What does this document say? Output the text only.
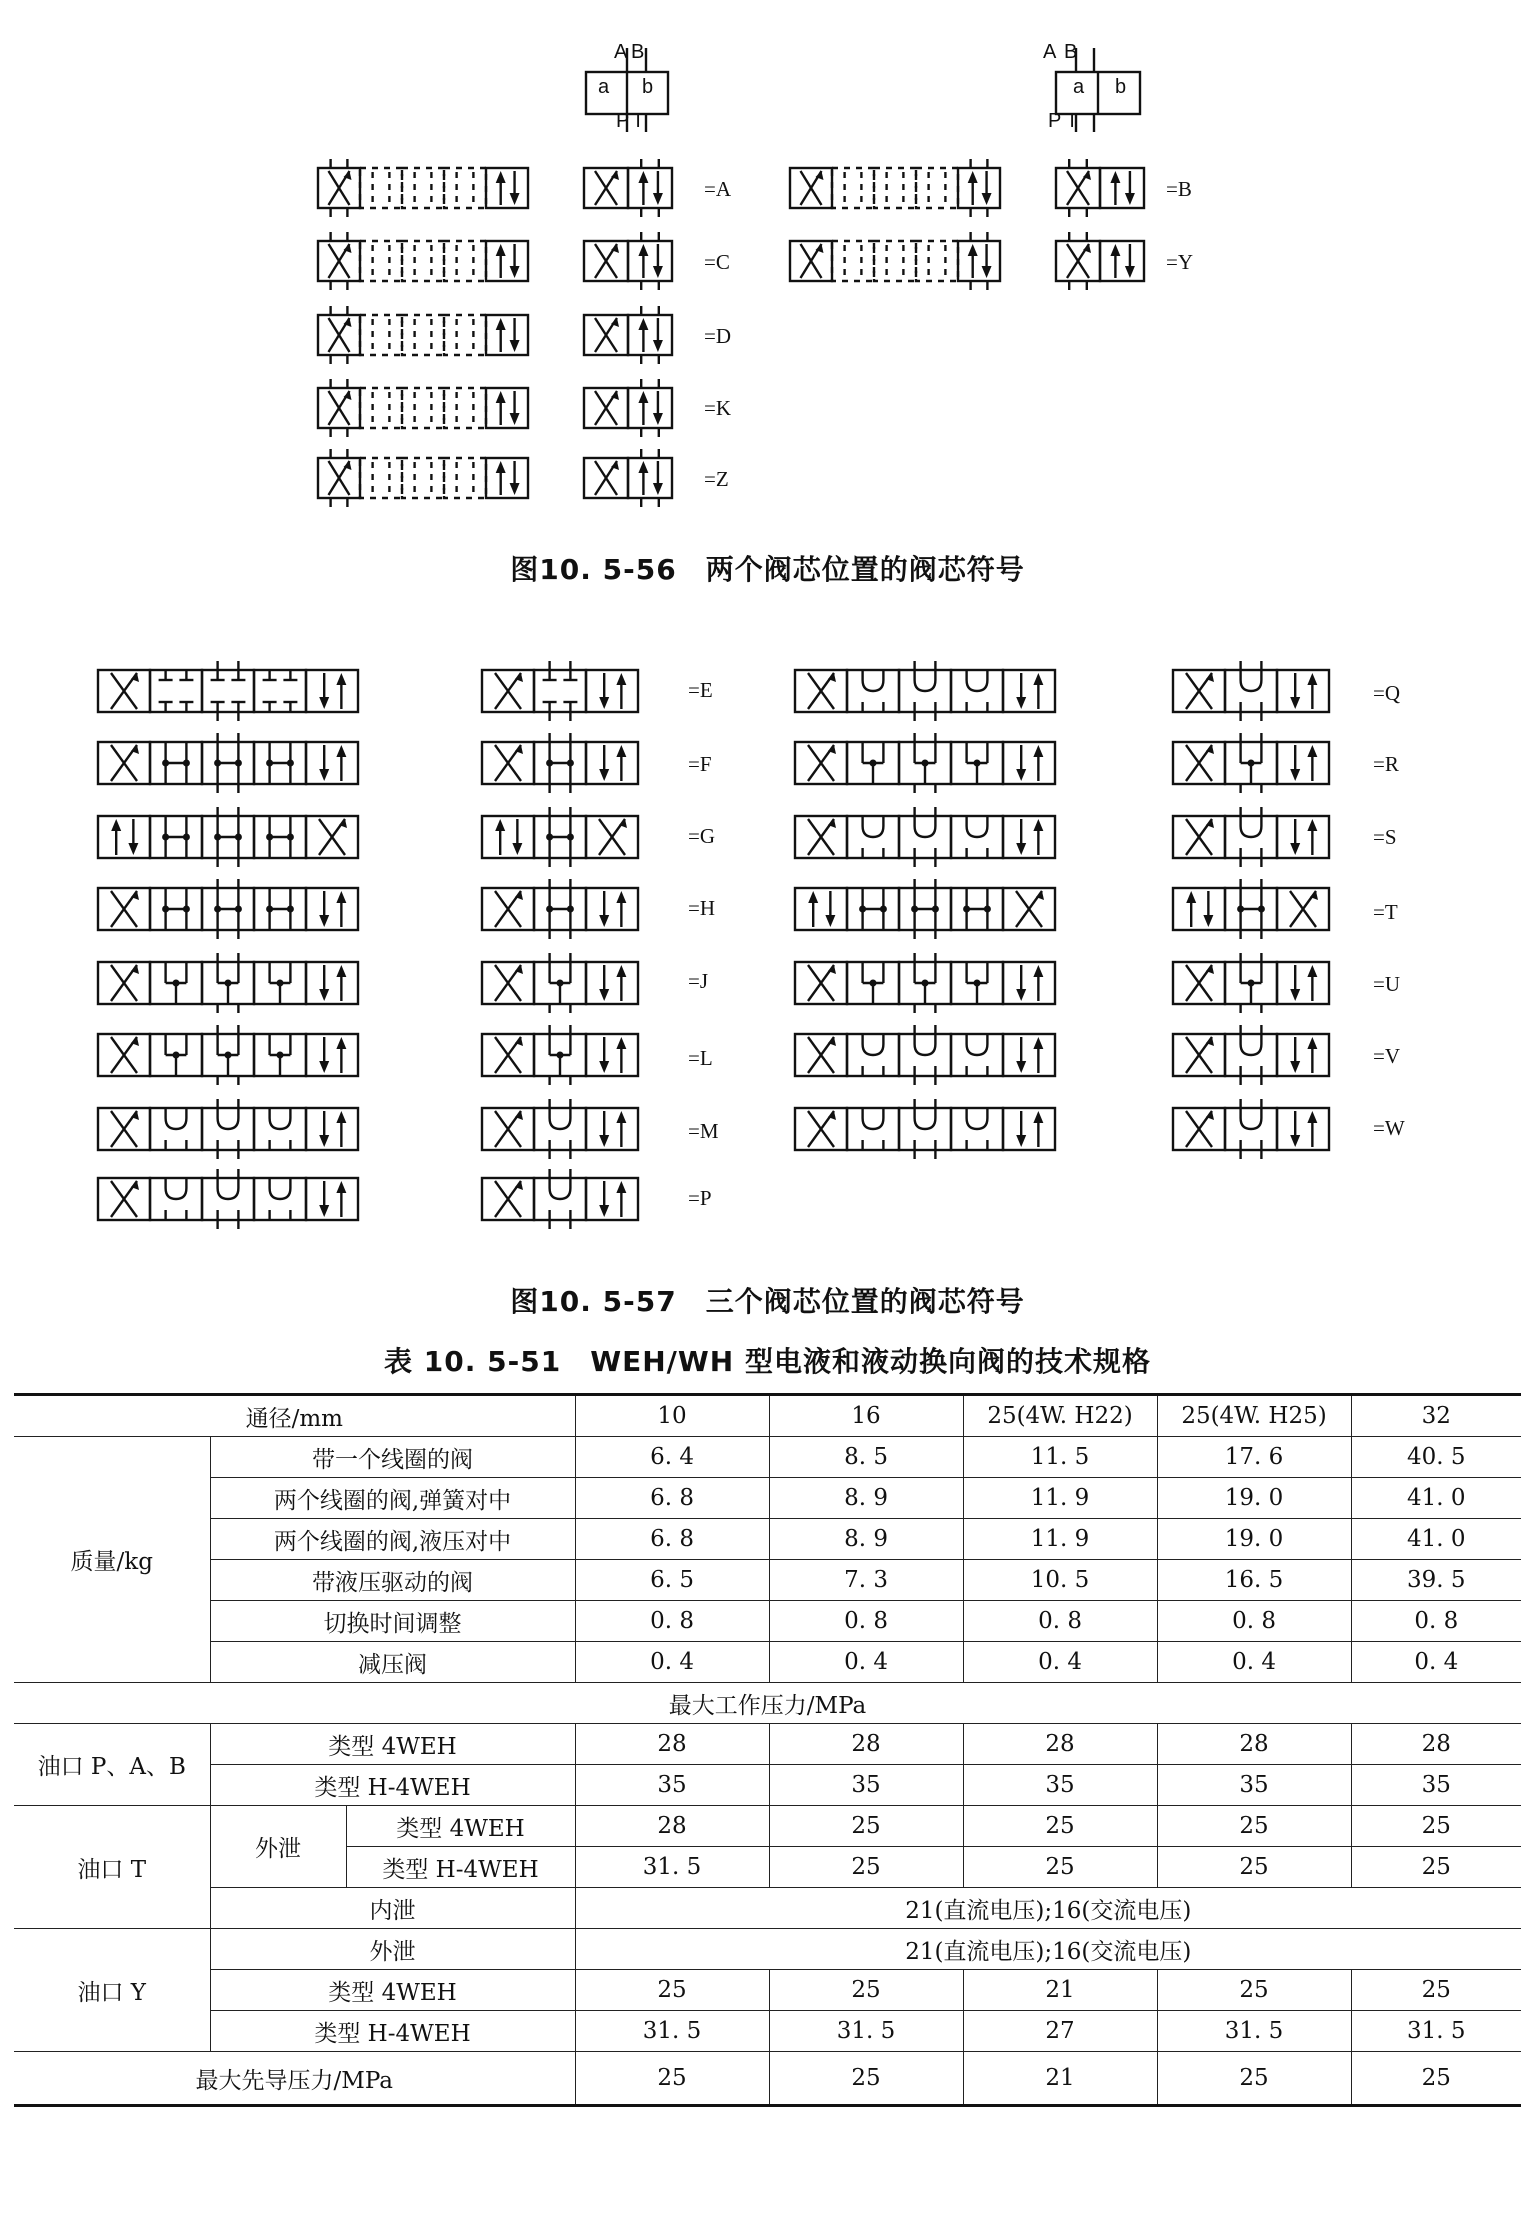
A B
a b
P T
A B
a b
P T
=A
=C
=D
=K
=Z
=B
=Y
图10. 5-56　两个阀芯位置的阀芯符号
=E
=F
=G
=H
=J
=L
=M
=P
=Q
=R
=S
=T
=U
=V
=W
图10. 5-57　三个阀芯位置的阀芯符号
表 10. 5-51　WEH/WH 型电液和液动换向阀的技术规格
通径/mm			10	16	25(4W. H22)	25(4W. H25)	32
质量/kg	带一个线圈的阀		6. 4	8. 5	11. 5	17. 6	40. 5
	两个线圈的阀,弹簧对中		6. 8	8. 9	11. 9	19. 0	41. 0
	两个线圈的阀,液压对中		6. 8	8. 9	11. 9	19. 0	41. 0
	带液压驱动的阀		6. 5	7. 3	10. 5	16. 5	39. 5
	切换时间调整		0. 8	0. 8	0. 8	0. 8	0. 8
	减压阀		0. 4	0. 4	0. 4	0. 4	0. 4
最大工作压力/MPa							
油口 P、A、B	类型 4WEH		28	28	28	28	28
	类型 H-4WEH		35	35	35	35	35
油口 T	外泄	类型 4WEH	28	25	25	25	25
		类型 H-4WEH	31. 5	25	25	25	25
	内泄		21(直流电压);16(交流电压)				
油口 Y	外泄		21(直流电压);16(交流电压)				
	类型 4WEH		25	25	21	25	25
	类型 H-4WEH		31. 5	31. 5	27	31. 5	31. 5
最大先导压力/MPa			25	25	21	25	25
